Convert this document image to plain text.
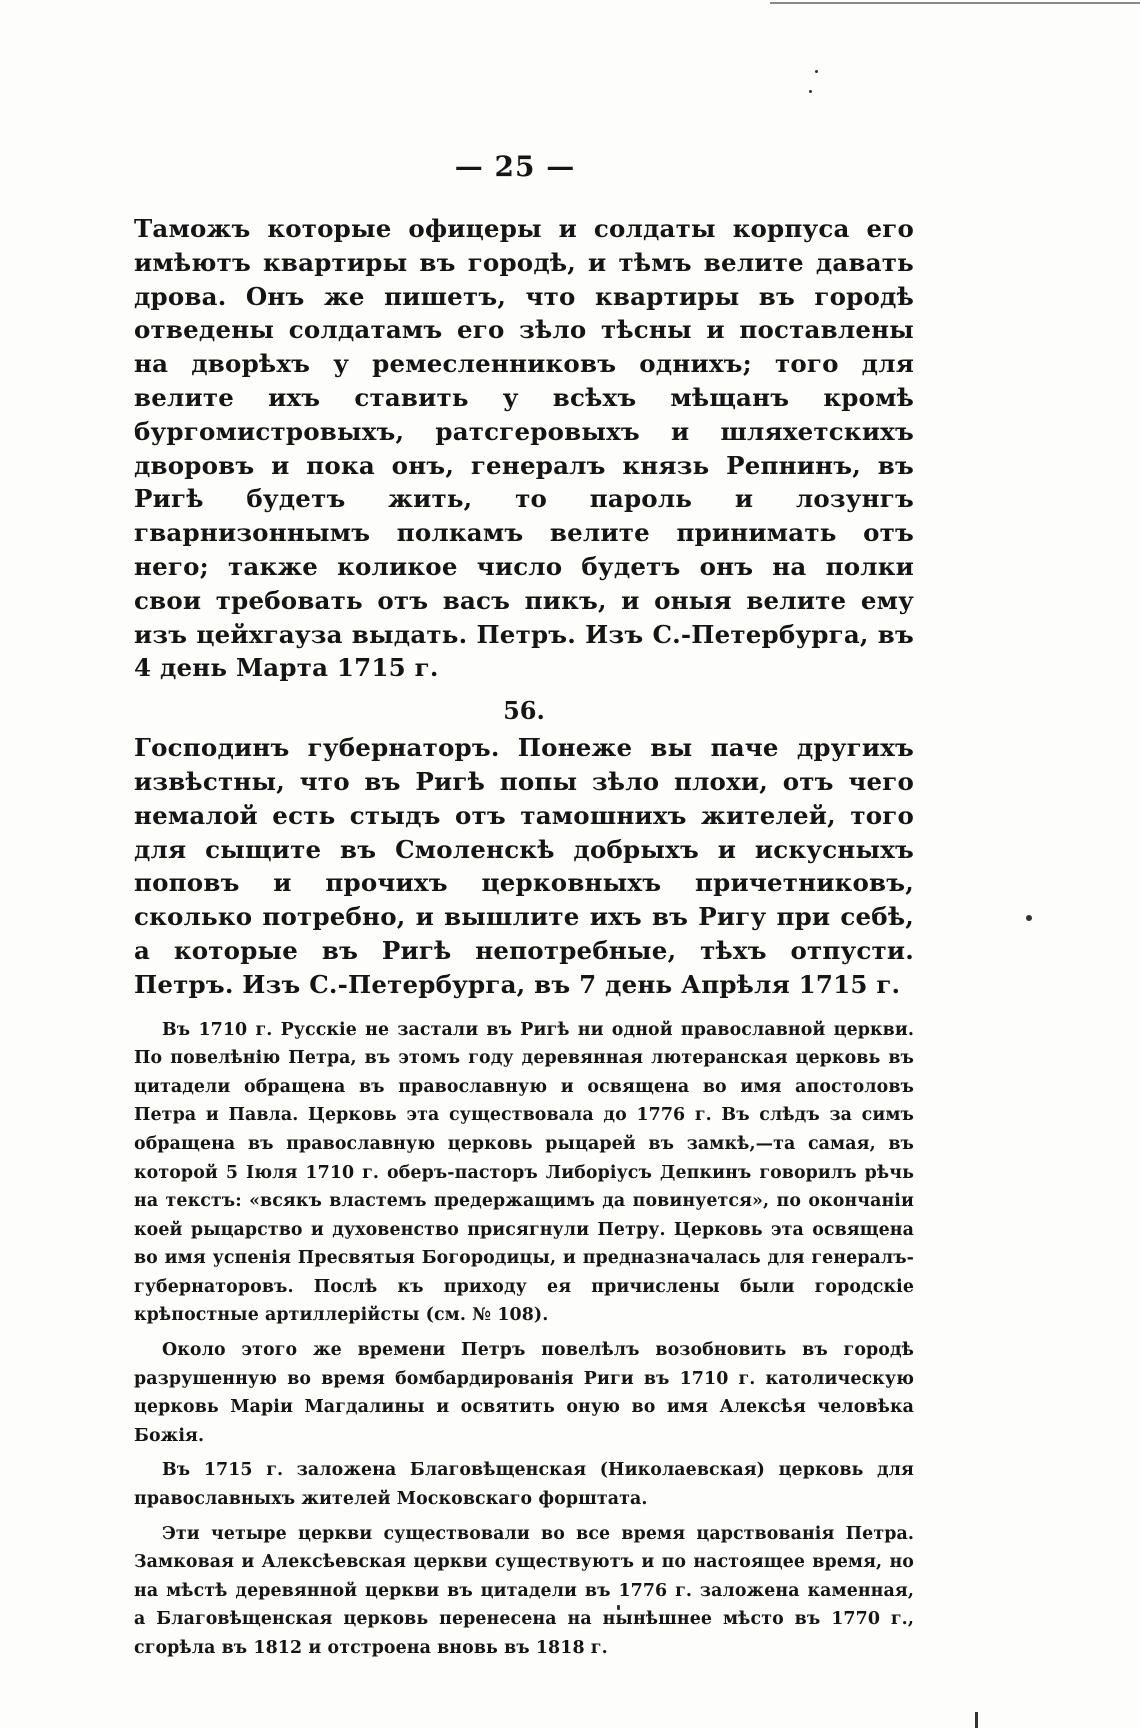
— 25 —

Таможъ которые офицеры и солдаты корпуса его имѣютъ квартиры въ городѣ, и тѣмъ велите давать дрова. Онъ же пишетъ, что квартиры въ городѣ отведены солдатамъ его зѣло тѣсны и поставлены на дворѣхъ у ремесленниковъ однихъ; того для велите ихъ ставить у всѣхъ мѣщанъ кромѣ бургомистровыхъ, ратсгеровыхъ и шляхетскихъ дворовъ и пока онъ, генералъ князь Репнинъ, въ Ригѣ будетъ жить, то пароль и лозунгъ гварнизоннымъ полкамъ велите принимать отъ него; также коликое число будетъ онъ на полки свои требовать отъ васъ пикъ, и оныя велите ему изъ цейхгауза выдать. Петръ. Изъ С.-Петербурга, въ 4 день Марта 1715 г.

56.

Господинъ губернаторъ. Понеже вы паче другихъ извѣстны, что въ Ригѣ попы зѣло плохи, отъ чего немалой есть стыдъ отъ тамошнихъ жителей, того для сыщите въ Смоленскѣ добрыхъ и искусныхъ поповъ и прочихъ церковныхъ причетниковъ, сколько потребно, и вышлите ихъ въ Ригу при себѣ, а которые въ Ригѣ непотребные, тѣхъ отпусти. Петръ. Изъ С.-Петербурга, въ 7 день Апрѣля 1715 г.

Въ 1710 г. Русскіе не застали въ Ригѣ ни одной православной церкви. По повелѣнію Петра, въ этомъ году деревянная лютеранская церковь въ цитадели обращена въ православную и освящена во имя апостоловъ Петра и Павла. Церковь эта существовала до 1776 г. Въ слѣдъ за симъ обращена въ православную церковь рыцарей въ замкѣ,—та самая, въ которой 5 Іюля 1710 г. оберъ-пасторъ Либоріусъ Депкинъ говорилъ рѣчь на текстъ: «всякъ властемъ предержащимъ да повинуется», по окончаніи коей рыцарство и духовенство присягнули Петру. Церковь эта освящена во имя успенія Пресвятыя Богородицы, и предназначалась для генералъ-губернаторовъ. Послѣ къ приходу ея причислены были городскіе крѣпостные артиллерійсты (см. № 108).

Около этого же времени Петръ повелѣлъ возобновить въ городѣ разрушенную во время бомбардированія Риги въ 1710 г. католическую церковь Маріи Магдалины и освятить оную во имя Алексѣя человѣка Божія.

Въ 1715 г. заложена Благовѣщенская (Николаевская) церковь для православныхъ жителей Московскаго форштата.

Эти четыре церкви существовали во все время царствованія Петра. Замковая и Алексѣевская церкви существуютъ и по настоящее время, но на мѣстѣ деревянной церкви въ цитадели въ 1776 г. заложена каменная, а Благовѣщенская церковь перенесена на нынѣшнее мѣсто въ 1770 г., сгорѣла въ 1812 и отстроена вновь въ 1818 г.
